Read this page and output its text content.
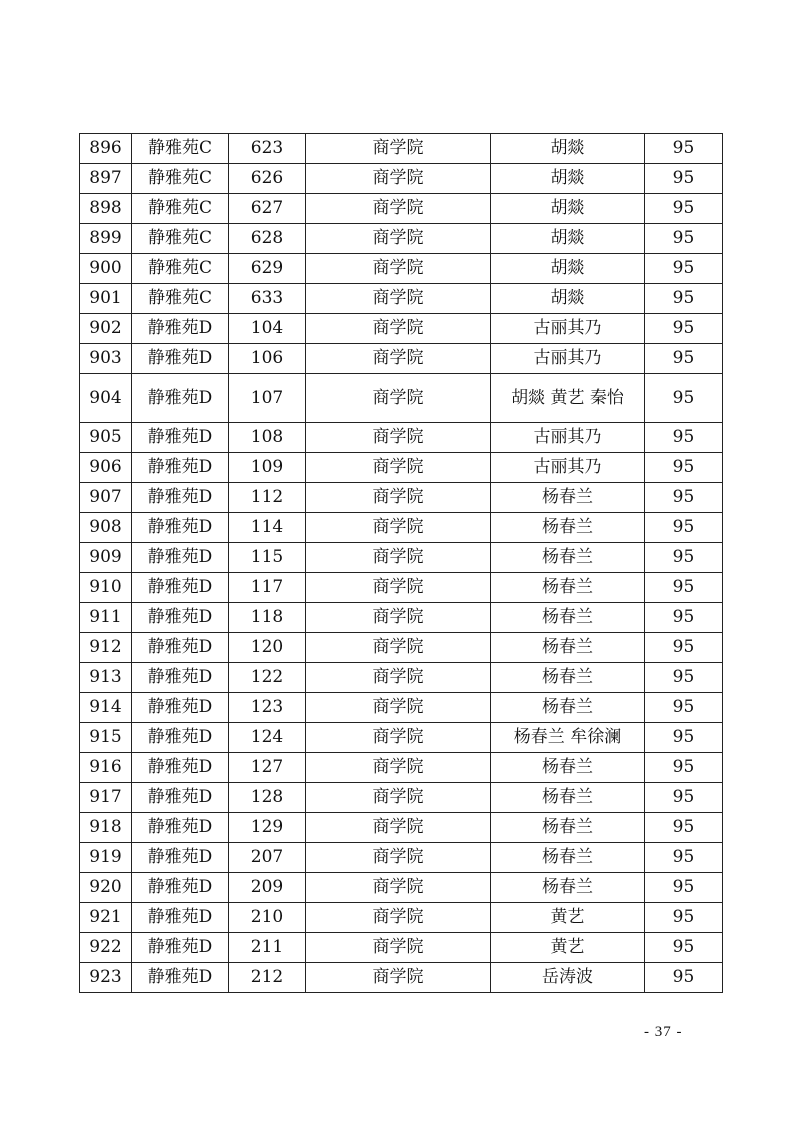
896	静雅苑C	623	商学院	胡燚	95
897	静雅苑C	626	商学院	胡燚	95
898	静雅苑C	627	商学院	胡燚	95
899	静雅苑C	628	商学院	胡燚	95
900	静雅苑C	629	商学院	胡燚	95
901	静雅苑C	633	商学院	胡燚	95
902	静雅苑D	104	商学院	古丽其乃	95
903	静雅苑D	106	商学院	古丽其乃	95
904	静雅苑D	107	商学院	胡燚 黄艺 秦怡	95
905	静雅苑D	108	商学院	古丽其乃	95
906	静雅苑D	109	商学院	古丽其乃	95
907	静雅苑D	112	商学院	杨春兰	95
908	静雅苑D	114	商学院	杨春兰	95
909	静雅苑D	115	商学院	杨春兰	95
910	静雅苑D	117	商学院	杨春兰	95
911	静雅苑D	118	商学院	杨春兰	95
912	静雅苑D	120	商学院	杨春兰	95
913	静雅苑D	122	商学院	杨春兰	95
914	静雅苑D	123	商学院	杨春兰	95
915	静雅苑D	124	商学院	杨春兰 牟徐澜	95
916	静雅苑D	127	商学院	杨春兰	95
917	静雅苑D	128	商学院	杨春兰	95
918	静雅苑D	129	商学院	杨春兰	95
919	静雅苑D	207	商学院	杨春兰	95
920	静雅苑D	209	商学院	杨春兰	95
921	静雅苑D	210	商学院	黄艺	95
922	静雅苑D	211	商学院	黄艺	95
923	静雅苑D	212	商学院	岳涛波	95
- 37 -
